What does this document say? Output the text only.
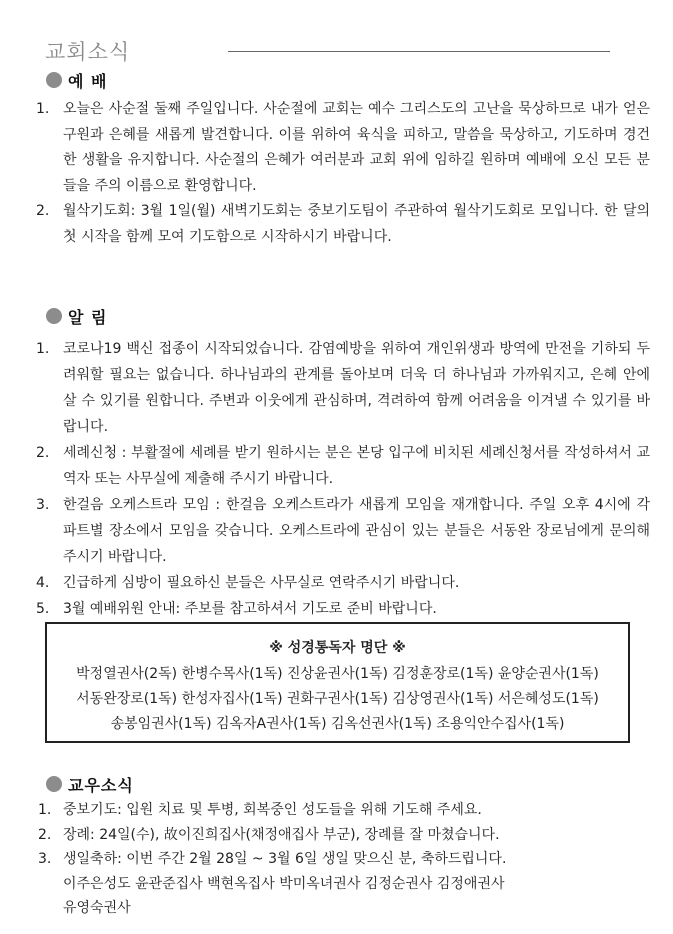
교회소식
예 배
1. 오늘은 사순절 둘째 주일입니다. 사순절에 교회는 예수 그리스도의 고난을 묵상하므로 내가 얻은 구원과 은혜를 새롭게 발견합니다. 이를 위하여 육식을 피하고, 말씀을 묵상하고, 기도하며 경건한 생활을 유지합니다. 사순절의 은혜가 여러분과 교회 위에 임하길 원하며 예배에 오신 모든 분들을 주의 이름으로 환영합니다.
2. 월삭기도회: 3월 1일(월) 새벽기도회는 중보기도팀이 주관하여 월삭기도회로 모입니다. 한 달의 첫 시작을 함께 모여 기도함으로 시작하시기 바랍니다.
알 림
1. 코로나19 백신 접종이 시작되었습니다. 감염예방을 위하여 개인위생과 방역에 만전을 기하되 두려워할 필요는 없습니다. 하나님과의 관계를 돌아보며 더욱 더 하나님과 가까워지고, 은혜 안에 살 수 있기를 원합니다. 주변과 이웃에게 관심하며, 격려하여 함께 어려움을 이겨낼 수 있기를 바랍니다.
2. 세례신청 : 부활절에 세례를 받기 원하시는 분은 본당 입구에 비치된 세례신청서를 작성하셔서 교역자 또는 사무실에 제출해 주시기 바랍니다.
3. 한걸음 오케스트라 모임 : 한걸음 오케스트라가 새롭게 모임을 재개합니다. 주일 오후 4시에 각 파트별 장소에서 모임을 갖습니다. 오케스트라에 관심이 있는 분들은 서동완 장로님에게 문의해 주시기 바랍니다.
4. 긴급하게 심방이 필요하신 분들은 사무실로 연락주시기 바랍니다.
5. 3월 예배위원 안내: 주보를 참고하셔서 기도로 준비 바랍니다.
※ 성경통독자 명단 ※
박정열권사(2독) 한병수목사(1독) 진상윤권사(1독) 김정훈장로(1독) 윤양순권사(1독)
서동완장로(1독) 한성자집사(1독) 권화구권사(1독) 김상영권사(1독) 서은혜성도(1독)
송봉임권사(1독) 김옥자A권사(1독) 김옥선권사(1독) 조용익안수집사(1독)
교우소식
1. 중보기도: 입원 치료 및 투병, 회복중인 성도들을 위해 기도해 주세요.
2. 장례: 24일(수), 故이진희집사(채정애집사 부군), 장례를 잘 마쳤습니다.
3. 생일축하: 이번 주간 2월 28일 ~ 3월 6일 생일 맞으신 분, 축하드립니다.
이주은성도 윤관준집사 백현옥집사 박미옥녀권사 김정순권사 김정애권사
유영숙권사
